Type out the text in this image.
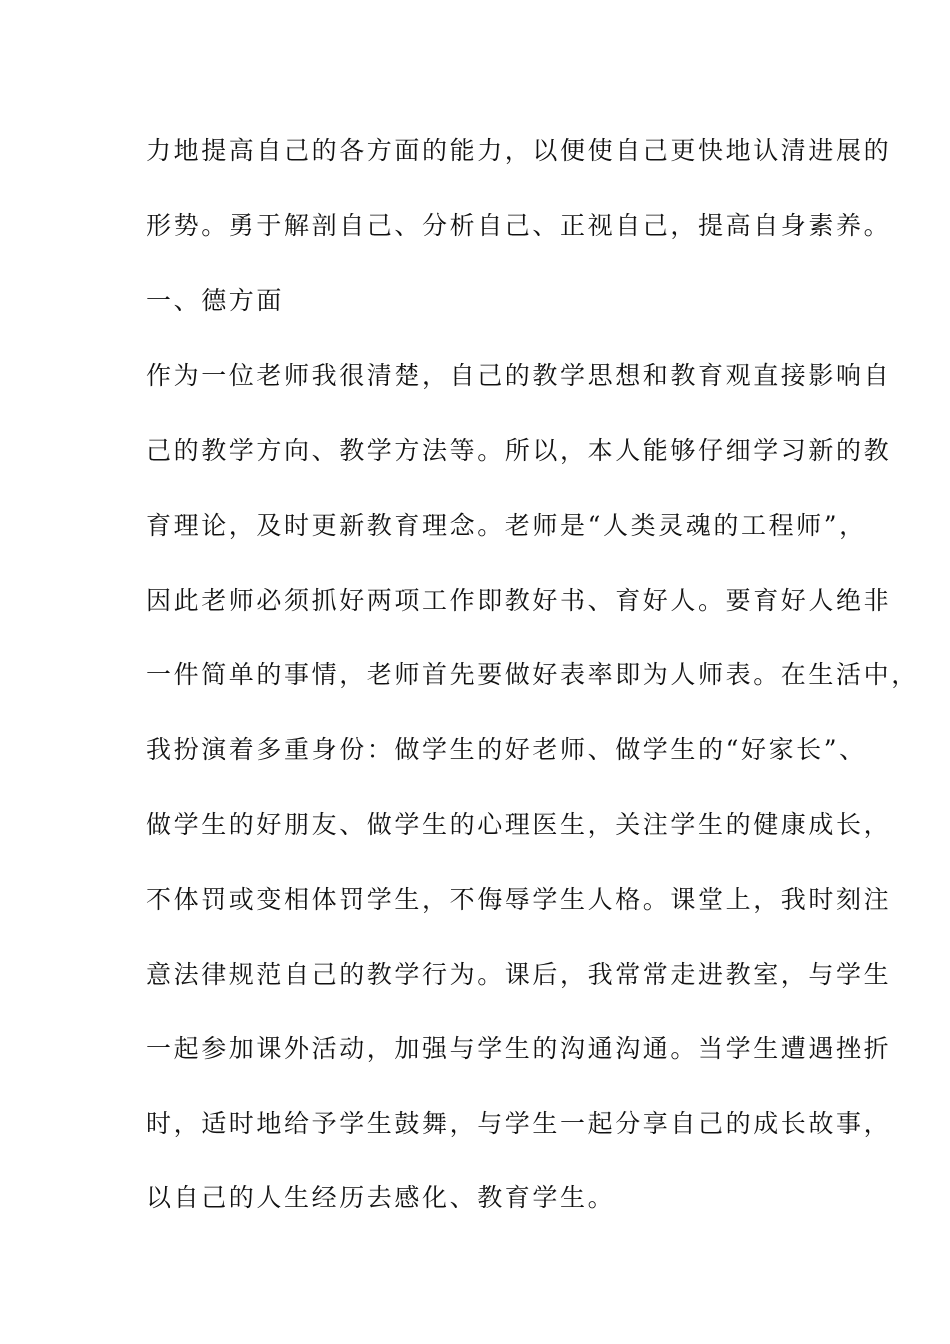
力地提高自己的各方面的能力，以便使自己更快地认清进展的

形势。勇于解剖自己、分析自己、正视自己，提高自身素养。

一、德方面

作为一位老师我很清楚，自己的教学思想和教育观直接影响自

己的教学方向、教学方法等。所以，本人能够仔细学习新的教

育理论，及时更新教育理念。老师是“人类灵魂的工程师”，

因此老师必须抓好两项工作即教好书、育好人。要育好人绝非

一件简单的事情，老师首先要做好表率即为人师表。在生活中，

我扮演着多重身份：做学生的好老师、做学生的“好家长”、

做学生的好朋友、做学生的心理医生，关注学生的健康成长，

不体罚或变相体罚学生，不侮辱学生人格。课堂上，我时刻注

意法律规范自己的教学行为。课后，我常常走进教室，与学生

一起参加课外活动，加强与学生的沟通沟通。当学生遭遇挫折

时，适时地给予学生鼓舞，与学生一起分享自己的成长故事，

以自己的人生经历去感化、教育学生。
